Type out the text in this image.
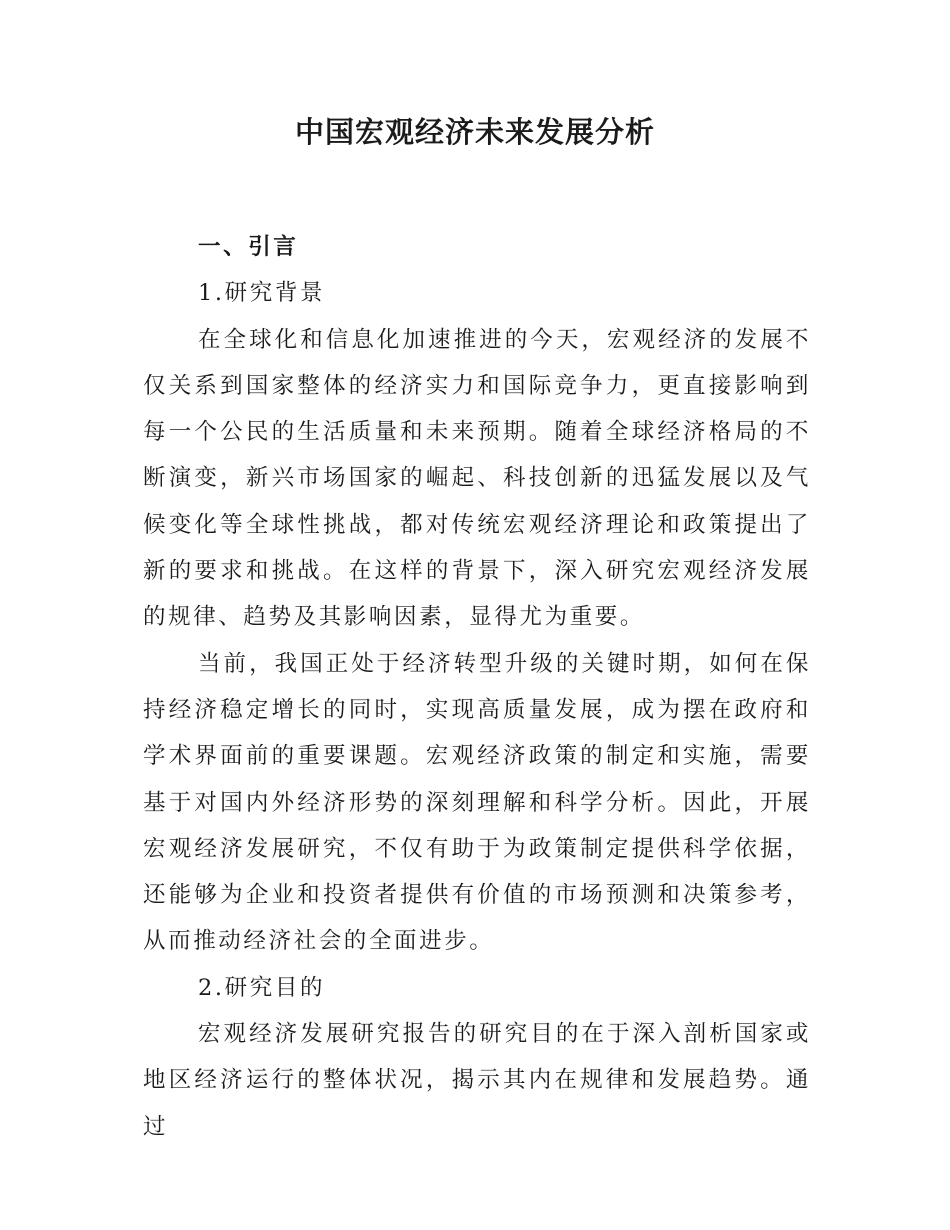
中国宏观经济未来发展分析
一、引言
1.研究背景

在全球化和信息化加速推进的今天，宏观经济的发展不仅关系到国家整体的经济实力和国际竞争力，更直接影响到每一个公民的生活质量和未来预期。随着全球经济格局的不断演变，新兴市场国家的崛起、科技创新的迅猛发展以及气候变化等全球性挑战，都对传统宏观经济理论和政策提出了新的要求和挑战。在这样的背景下，深入研究宏观经济发展的规律、趋势及其影响因素，显得尤为重要。

当前，我国正处于经济转型升级的关键时期，如何在保持经济稳定增长的同时，实现高质量发展，成为摆在政府和学术界面前的重要课题。宏观经济政策的制定和实施，需要基于对国内外经济形势的深刻理解和科学分析。因此，开展宏观经济发展研究，不仅有助于为政策制定提供科学依据，还能够为企业和投资者提供有价值的市场预测和决策参考，从而推动经济社会的全面进步。

2.研究目的

宏观经济发展研究报告的研究目的在于深入剖析国家或地区经济运行的整体状况，揭示其内在规律和发展趋势。通过
